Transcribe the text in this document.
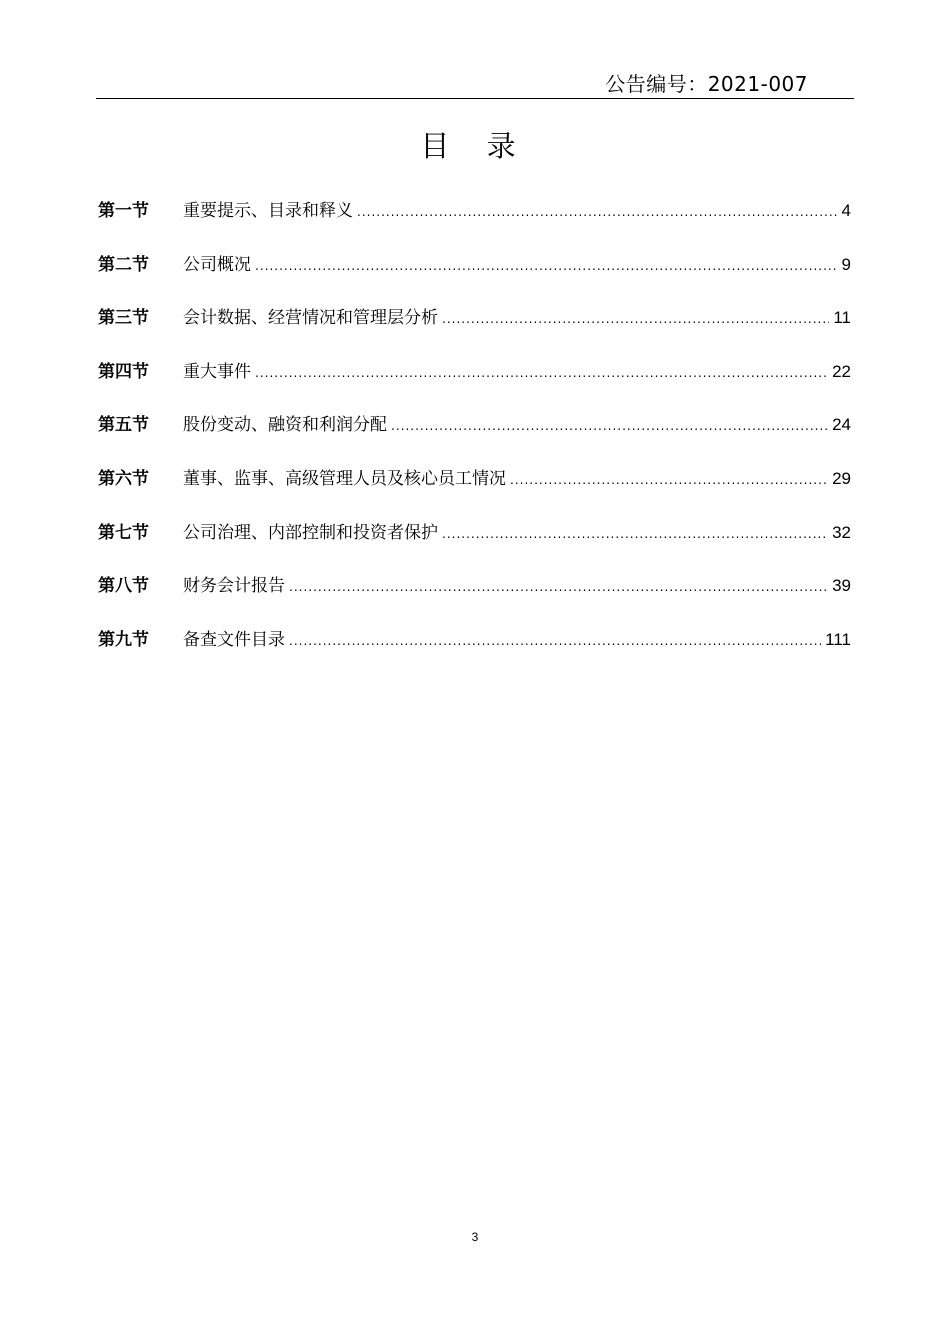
公告编号：2021-007
目 录
第一节	重要提示、目录和释义 .....	4
第二节	公司概况 .....	9
第三节	会计数据、经营情况和管理层分析 .....	11
第四节	重大事件 .....	22
第五节	股份变动、融资和利润分配 .....	24
第六节	董事、监事、高级管理人员及核心员工情况 .....	29
第七节	公司治理、内部控制和投资者保护 .....	32
第八节	财务会计报告 .....	39
第九节	备查文件目录 .....	111
3
